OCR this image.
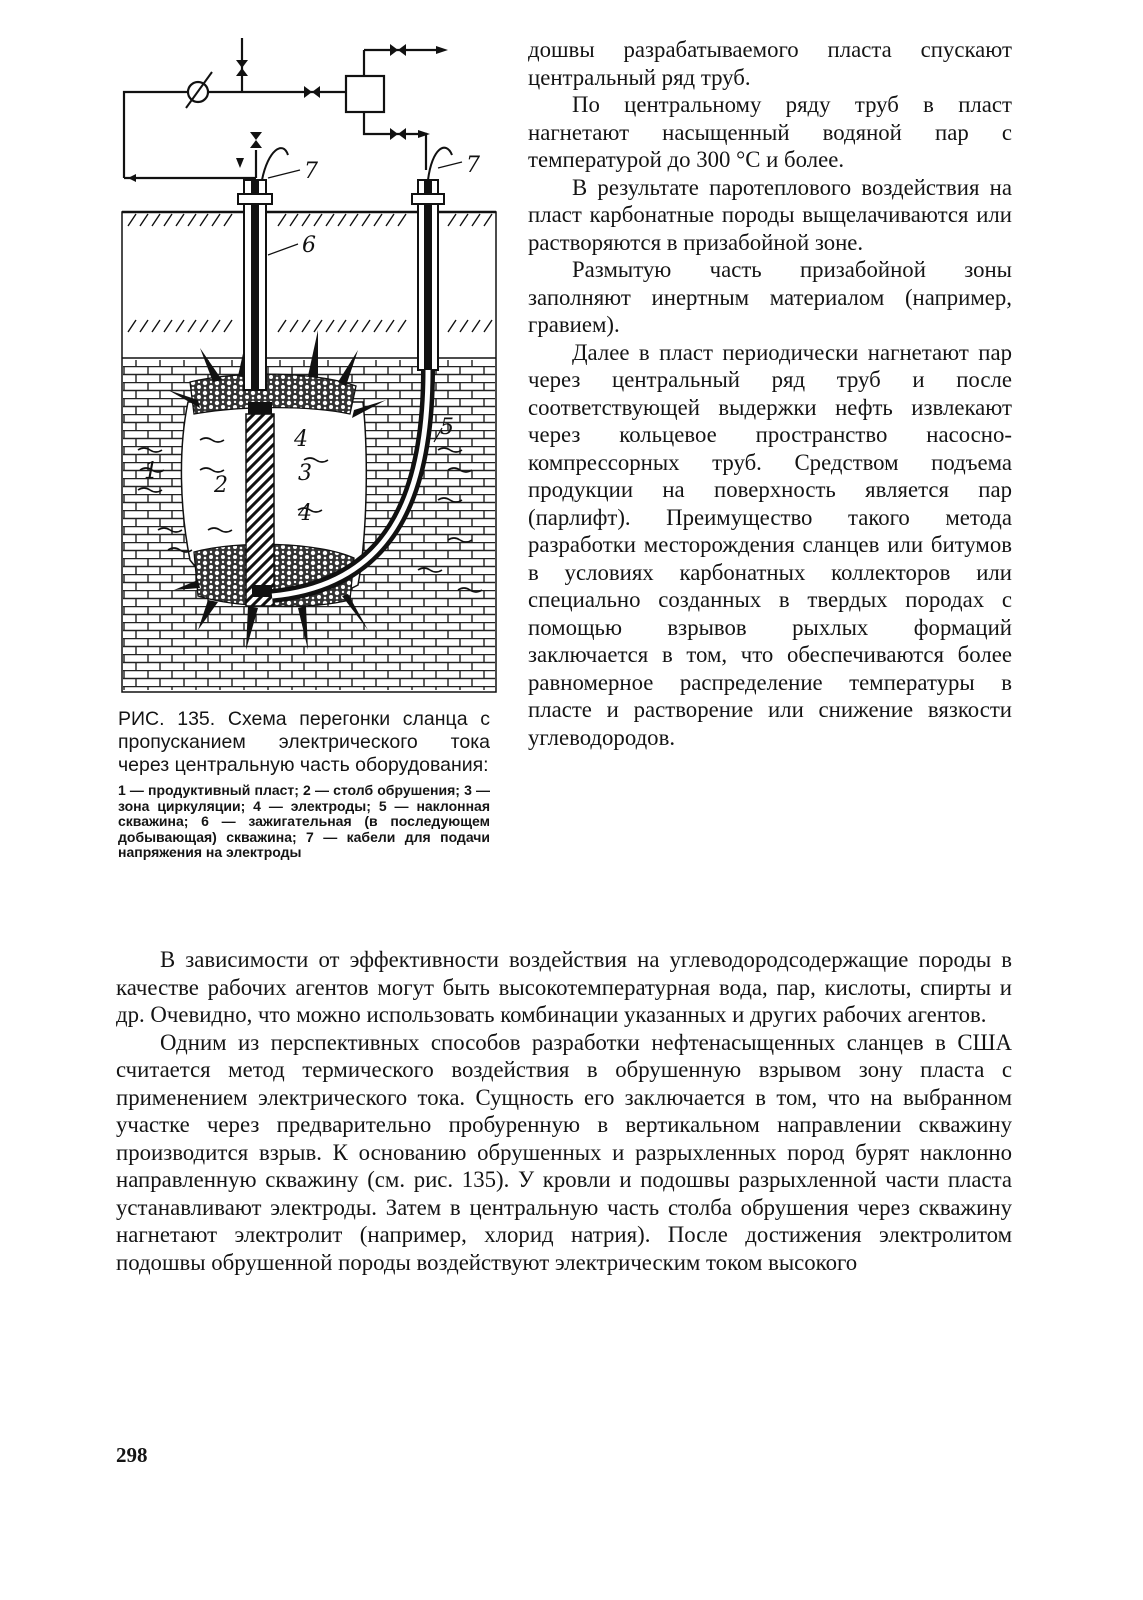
1
2	3
4
4
5
6
7	7

РИС. 135. Схема перегонки сланца с пропусканием электрического тока через центральную часть оборудования:

1 — продуктивный пласт; 2 — столб обрушения; 3 — зона циркуляции; 4 — электроды; 5 — наклонная скважина; 6 — зажигательная (в последующем добывающая) скважина; 7 — кабели для подачи напряжения на электроды

дошвы разрабатываемого пласта спускают центральный ряд труб.

По центральному ряду труб в пласт нагнетают насыщенный водяной пар с температурой до 300 °С и более.

В результате паротеплового воздействия на пласт карбонатные породы выщелачиваются или растворяются в призабойной зоне.

Размытую часть призабойной зоны заполняют инертным материалом (например, гравием).

Далее в пласт периодически нагнетают пар через центральный ряд труб и после соответствующей выдержки нефть извлекают через кольцевое пространство насосно-компрессорных труб. Средством подъема продукции на поверхность является пар (парлифт). Преимущество такого метода разработки месторождения сланцев или битумов в условиях карбонатных коллекторов или специально созданных в твердых породах с помощью взрывов рыхлых формаций заключается в том, что обеспечиваются более равномерное распределение температуры в пласте и растворение или снижение вязкости углеводородов.

В зависимости от эффективности воздействия на углеводородсодержащие породы в качестве рабочих агентов могут быть высокотемпературная вода, пар, кислоты, спирты и др. Очевидно, что можно использовать комбинации указанных и других рабочих агентов.

Одним из перспективных способов разработки нефтенасыщенных сланцев в США считается метод термического воздействия в обрушенную взрывом зону пласта с применением электрического тока. Сущность его заключается в том, что на выбранном участке через предварительно пробуренную в вертикальном направлении скважину производится взрыв. К основанию обрушенных и разрыхленных пород бурят наклонно направленную скважину (см. рис. 135). У кровли и подошвы разрыхленной части пласта устанавливают электроды. Затем в центральную часть столба обрушения через скважину нагнетают электролит (например, хлорид натрия). После достижения электролитом подошвы обрушенной породы воздействуют электрическим током высокого

298
